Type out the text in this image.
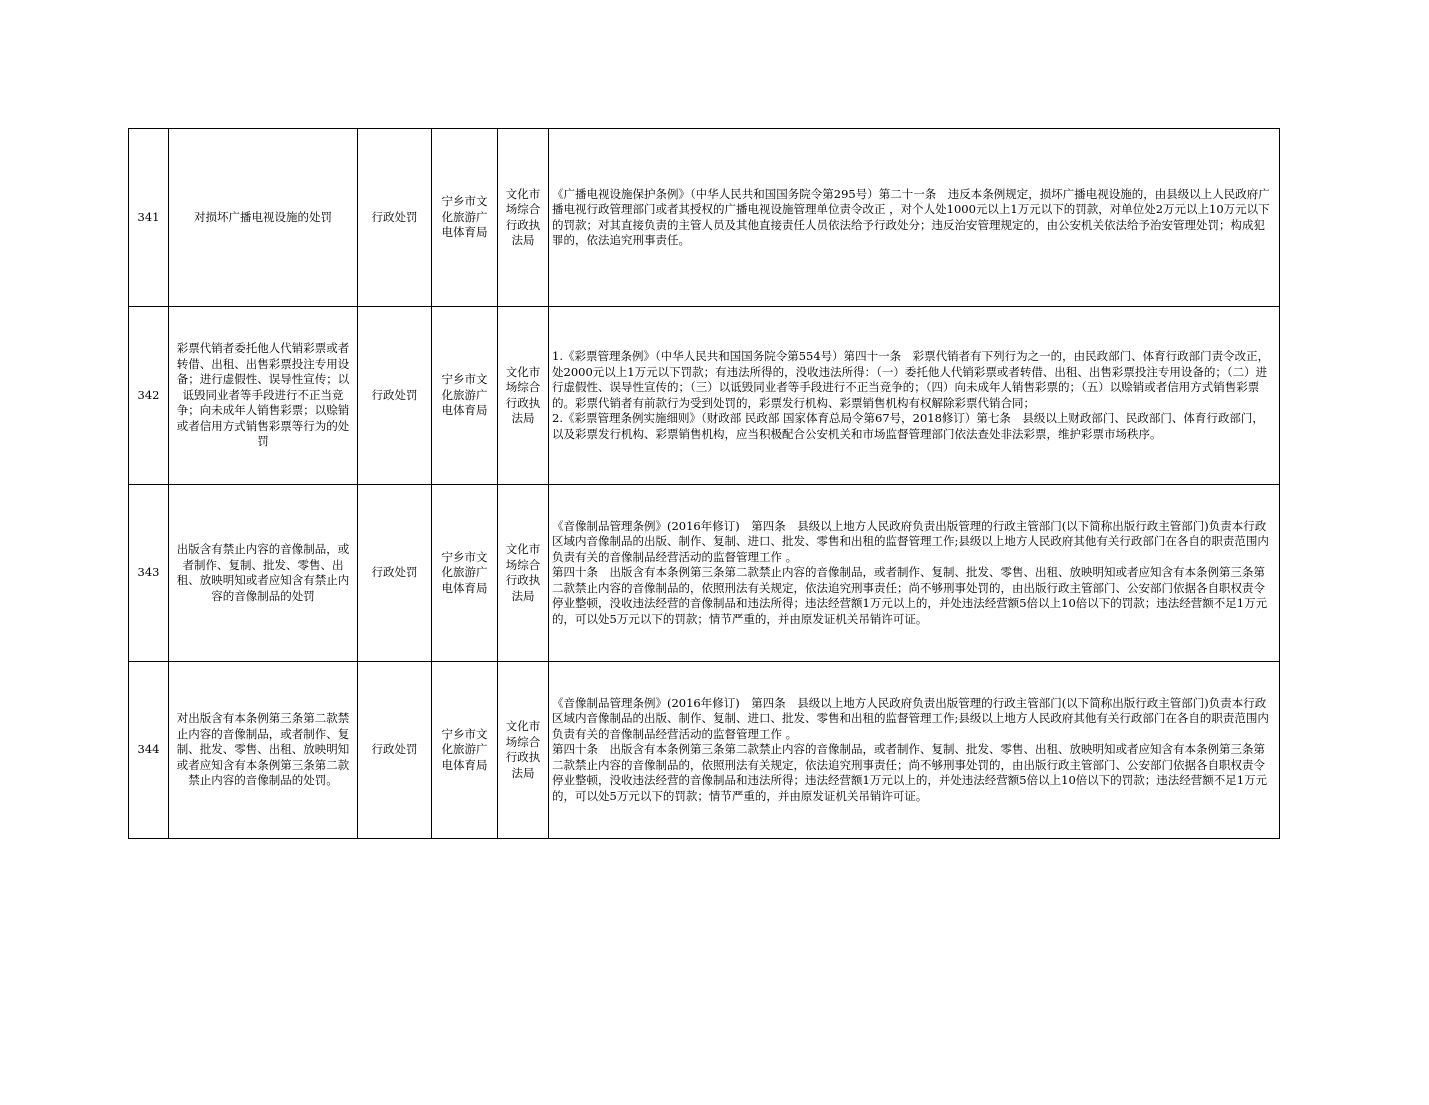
341	对损坏广播电视设施的处罚	行政处罚	宁乡市文化旅游广电体育局	文化市场综合行政执法局	《广播电视设施保护条例》（中华人民共和国国务院令第295号）第二十一条　违反本条例规定，损坏广播电视设施的，由县级以上人民政府广播电视行政管理部门或者其授权的广播电视设施管理单位责令改正 ，对个人处1000元以上1万元以下的罚款，对单位处2万元以上10万元以下的罚款；对其直接负责的主管人员及其他直接责任人员依法给予行政处分；违反治安管理规定的，由公安机关依法给予治安管理处罚；构成犯罪的，依法追究刑事责任。

342	彩票代销者委托他人代销彩票或者转借、出租、出售彩票投注专用设备；进行虚假性、误导性宣传；以诋毁同业者等手段进行不正当竞争；向未成年人销售彩票；以赊销或者信用方式销售彩票等行为的处罚	行政处罚	宁乡市文化旅游广电体育局	文化市场综合行政执法局	1.《彩票管理条例》（中华人民共和国国务院令第554号）第四十一条　彩票代销者有下列行为之一的，由民政部门、体育行政部门责令改正，处2000元以上1万元以下罚款；有违法所得的，没收违法所得：（一）委托他人代销彩票或者转借、出租、出售彩票投注专用设备的；（二）进行虚假性、误导性宣传的；（三）以诋毁同业者等手段进行不正当竞争的；（四）向未成年人销售彩票的；（五）以赊销或者信用方式销售彩票的。彩票代销者有前款行为受到处罚的，彩票发行机构、彩票销售机构有权解除彩票代销合同；
2.《彩票管理条例实施细则》（财政部 民政部 国家体育总局令第67号，2018修订）第七条　县级以上财政部门、民政部门、体育行政部门，以及彩票发行机构、彩票销售机构，应当积极配合公安机关和市场监督管理部门依法查处非法彩票，维护彩票市场秩序。

343	出版含有禁止内容的音像制品，或者制作、复制、批发、零售、出租、放映明知或者应知含有禁止内容的音像制品的处罚	行政处罚	宁乡市文化旅游广电体育局	文化市场综合行政执法局	《音像制品管理条例》(2016年修订)　第四条　县级以上地方人民政府负责出版管理的行政主管部门(以下简称出版行政主管部门)负责本行政区域内音像制品的出版、制作、复制、进口、批发、零售和出租的监督管理工作;县级以上地方人民政府其他有关行政部门在各自的职责范围内负责有关的音像制品经营活动的监督管理工作 。
第四十条　出版含有本条例第三条第二款禁止内容的音像制品，或者制作、复制、批发、零售、出租、放映明知或者应知含有本条例第三条第二款禁止内容的音像制品的，依照刑法有关规定，依法追究刑事责任；尚不够刑事处罚的，由出版行政主管部门、公安部门依据各自职权责令停业整顿，没收违法经营的音像制品和违法所得；违法经营额1万元以上的，并处违法经营额5倍以上10倍以下的罚款；违法经营额不足1万元的，可以处5万元以下的罚款；情节严重的，并由原发证机关吊销许可证。

344	对出版含有本条例第三条第二款禁止内容的音像制品，或者制作、复制、批发、零售、出租、放映明知或者应知含有本条例第三条第二款禁止内容的音像制品的处罚。	行政处罚	宁乡市文化旅游广电体育局	文化市场综合行政执法局	《音像制品管理条例》(2016年修订)　第四条　县级以上地方人民政府负责出版管理的行政主管部门(以下简称出版行政主管部门)负责本行政区域内音像制品的出版、制作、复制、进口、批发、零售和出租的监督管理工作;县级以上地方人民政府其他有关行政部门在各自的职责范围内负责有关的音像制品经营活动的监督管理工作 。
第四十条　出版含有本条例第三条第二款禁止内容的音像制品，或者制作、复制、批发、零售、出租、放映明知或者应知含有本条例第三条第二款禁止内容的音像制品的，依照刑法有关规定，依法追究刑事责任；尚不够刑事处罚的，由出版行政主管部门、公安部门依据各自职权责令停业整顿，没收违法经营的音像制品和违法所得；违法经营额1万元以上的，并处违法经营额5倍以上10倍以下的罚款；违法经营额不足1万元的，可以处5万元以下的罚款；情节严重的，并由原发证机关吊销许可证。
